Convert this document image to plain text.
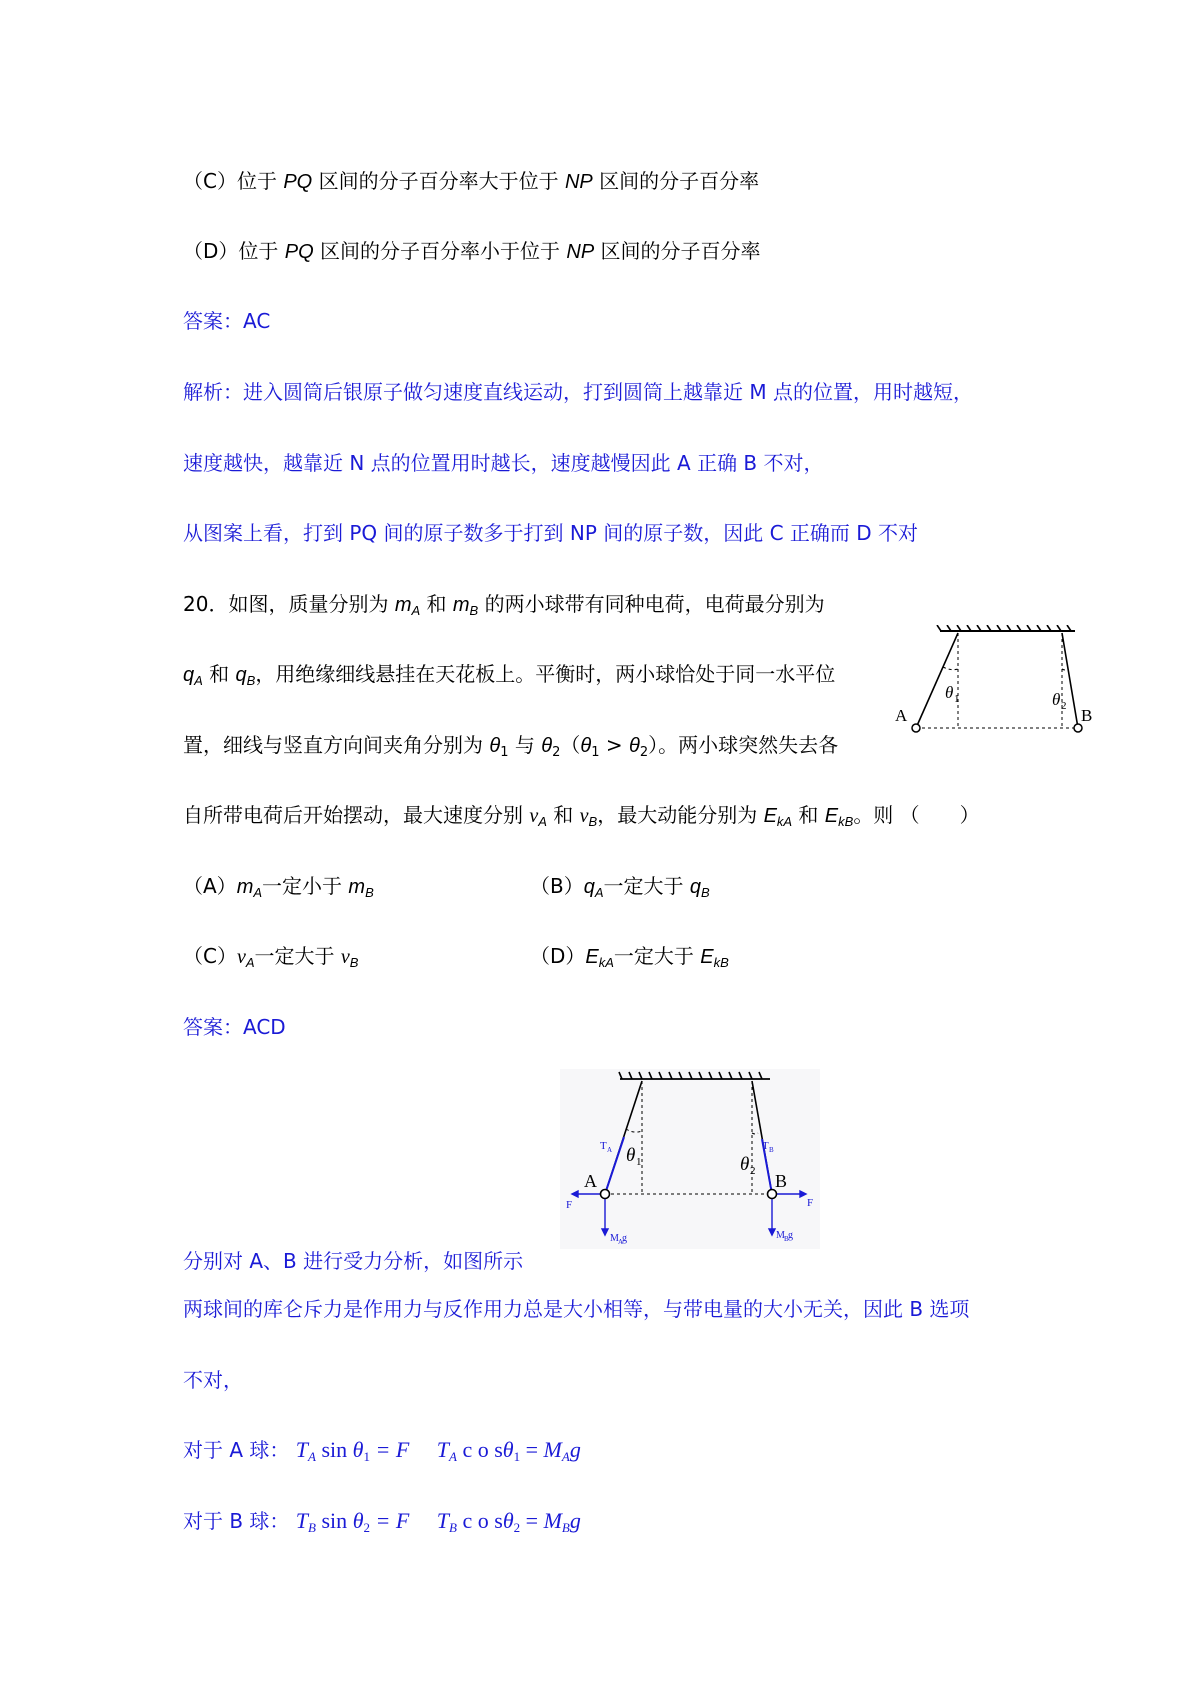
（C）位于 PQ 区间的分子百分率大于位于 NP 区间的分子百分率
（D）位于 PQ 区间的分子百分率小于位于 NP 区间的分子百分率
答案：AC
解析：进入圆筒后银原子做匀速度直线运动，打到圆筒上越靠近 M 点的位置，用时越短，
速度越快，越靠近 N 点的位置用时越长，速度越慢因此 A 正确 B 不对，
从图案上看，打到 PQ 间的原子数多于打到 NP 间的原子数，因此 C 正确而 D 不对
20．如图，质量分别为 $m_A$ 和 $m_B$ 的两小球带有同种电荷，电荷最分别为
$q_A$ 和 $q_B$，用绝缘细线悬挂在天花板上。平衡时，两小球恰处于同一水平位
置，细线与竖直方向间夹角分别为 $\theta_1$ 与 $\theta_2(\theta_1 > \theta_2)$。两小球突然失去各
自所带电荷后开始摆动，最大速度分别 $v_A$ 和 $v_B$，最大动能分别为 $E_{kA}$ 和 $E_{kB}$。则 （　　）
$(A)m_A$一定小于 $m_B$	$(B)q_A$一定大于 $q_B$
$(C)v_A$一定大于 $v_B$	$(D)E_{kA}$一定大于 $E_{kB}$
答案：ACD
分别对 A、B 进行受力分析，如图所示
两球间的库仑斥力是作用力与反作用力总是大小相等，与带电量的大小无关，因此 B 选项
不对，
对于 A 球： $T_A$ $\sin \theta_1 = F$ $T_A$ c o $s\theta_1 = M_Ag$
对于 B 球： $T_B$ $\sin \theta_2 = F$ $T_B$ c o $s\theta_2 = M_Bg$
A	B
θ 1	θ 2
A	B
T A	T B
θ 1	θ 2
F	F
M A
g	M B g
